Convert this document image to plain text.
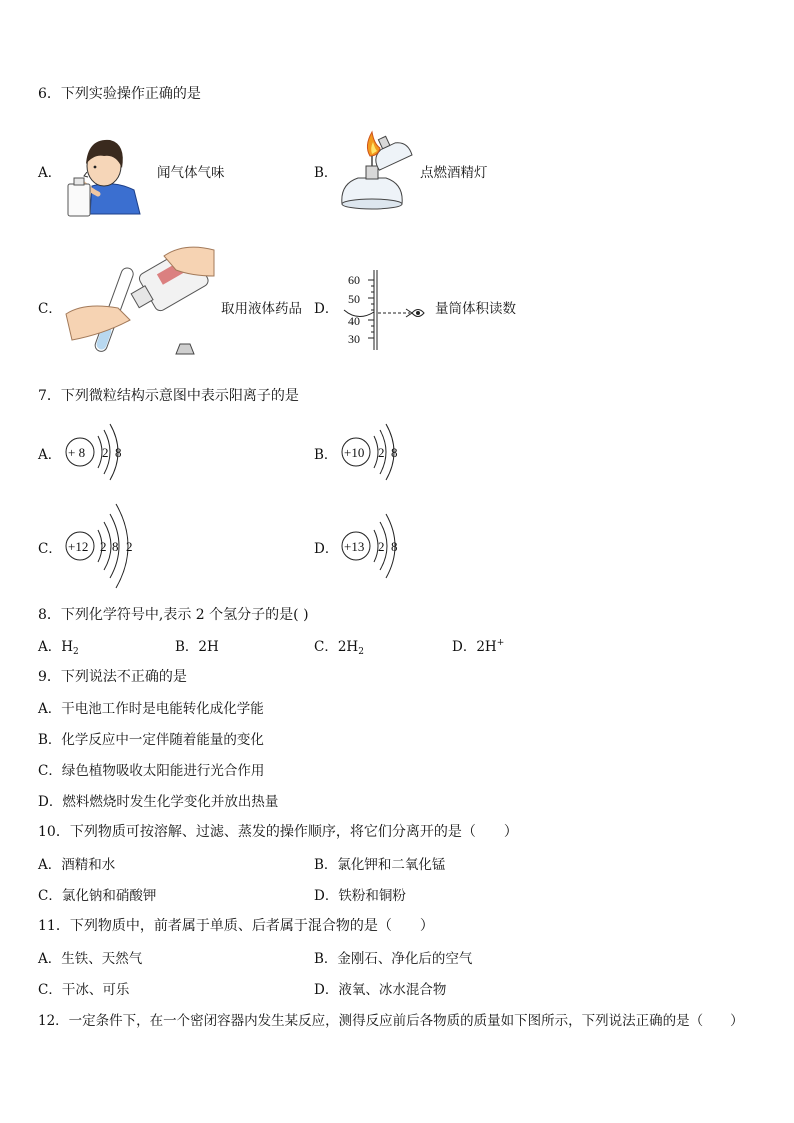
6．下列实验操作正确的是
A．	闻气体气味	B．	点燃酒精灯
C．	取用液体药品 D．
60
50
40
30
量筒体积读数
7．下列微粒结构示意图中表示阳离子的是
A． + 8 2 8	B． +10 2 8
C． +12 2 8 2	D． +13 2 8
8．下列化学符号中,表示 2 个氢分子的是( )
A．$H_2$	B．2H	C．$2H_2$	D．2H+
9．下列说法不正确的是
A．干电池工作时是电能转化成化学能
B．化学反应中一定伴随着能量的变化
C．绿色植物吸收太阳能进行光合作用
D．燃料燃烧时发生化学变化并放出热量
10．下列物质可按溶解、过滤、蒸发的操作顺序，将它们分离开的是（　　）
A．酒精和水	B．氯化钾和二氧化锰
C．氯化钠和硝酸钾	D．铁粉和铜粉
11．下列物质中，前者属于单质、后者属于混合物的是（　　）
A．生铁、天然气	B．金刚石、净化后的空气
C．干冰、可乐	D．液氧、冰水混合物
12．一定条件下，在一个密闭容器内发生某反应，测得反应前后各物质的质量如下图所示，下列说法正确的是（　　）
